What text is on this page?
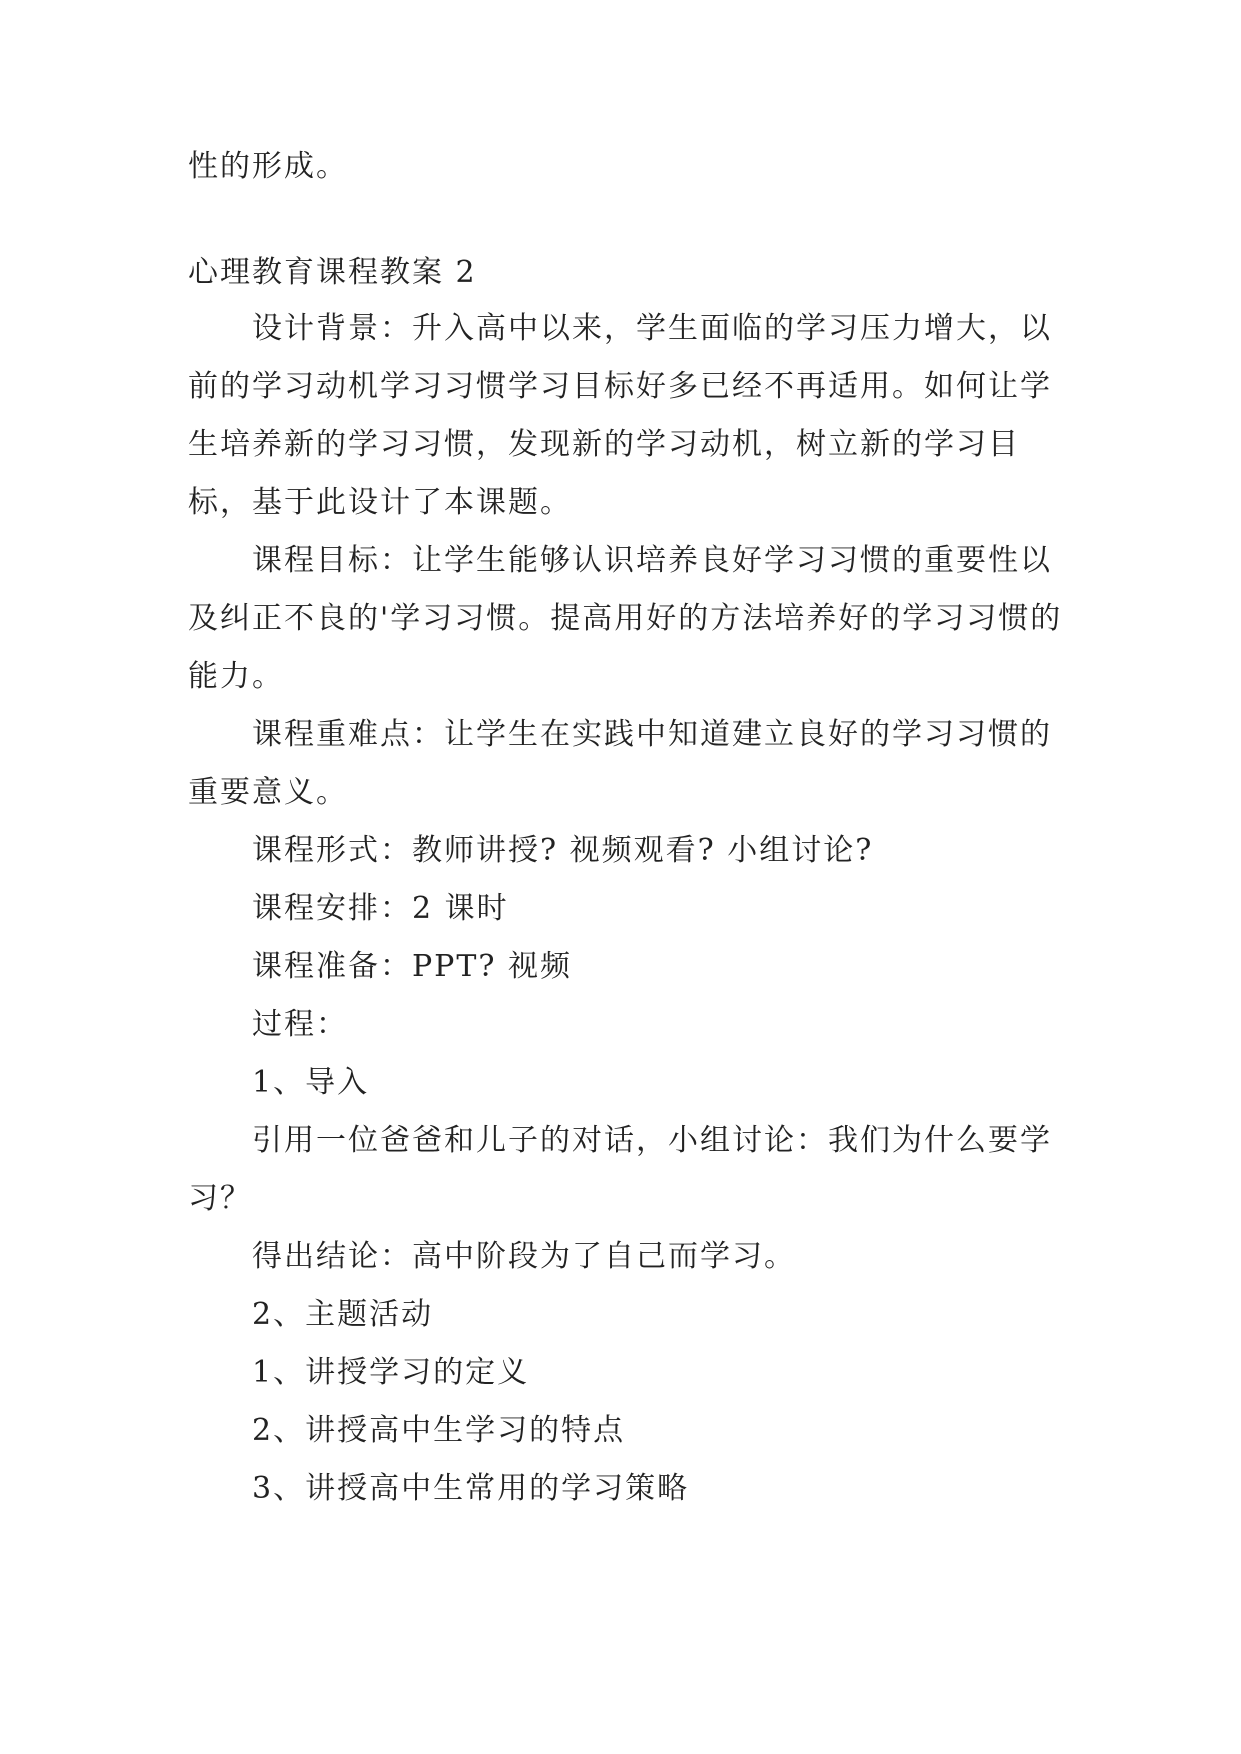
性的形成。

心理教育课程教案 2

设计背景：升入高中以来，学生面临的学习压力增大，以前的学习动机学习习惯学习目标好多已经不再适用。如何让学生培养新的学习习惯，发现新的学习动机，树立新的学习目标，基于此设计了本课题。

课程目标：让学生能够认识培养良好学习习惯的重要性以及纠正不良的'学习习惯。提高用好的方法培养好的学习习惯的能力。

课程重难点：让学生在实践中知道建立良好的学习习惯的重要意义。

课程形式：教师讲授? 视频观看? 小组讨论?

课程安排：2 课时

课程准备：PPT? 视频

过程：

1、导入

引用一位爸爸和儿子的对话，小组讨论：我们为什么要学习？

得出结论：高中阶段为了自己而学习。

2、主题活动

1、讲授学习的定义

2、讲授高中生学习的特点

3、讲授高中生常用的学习策略
